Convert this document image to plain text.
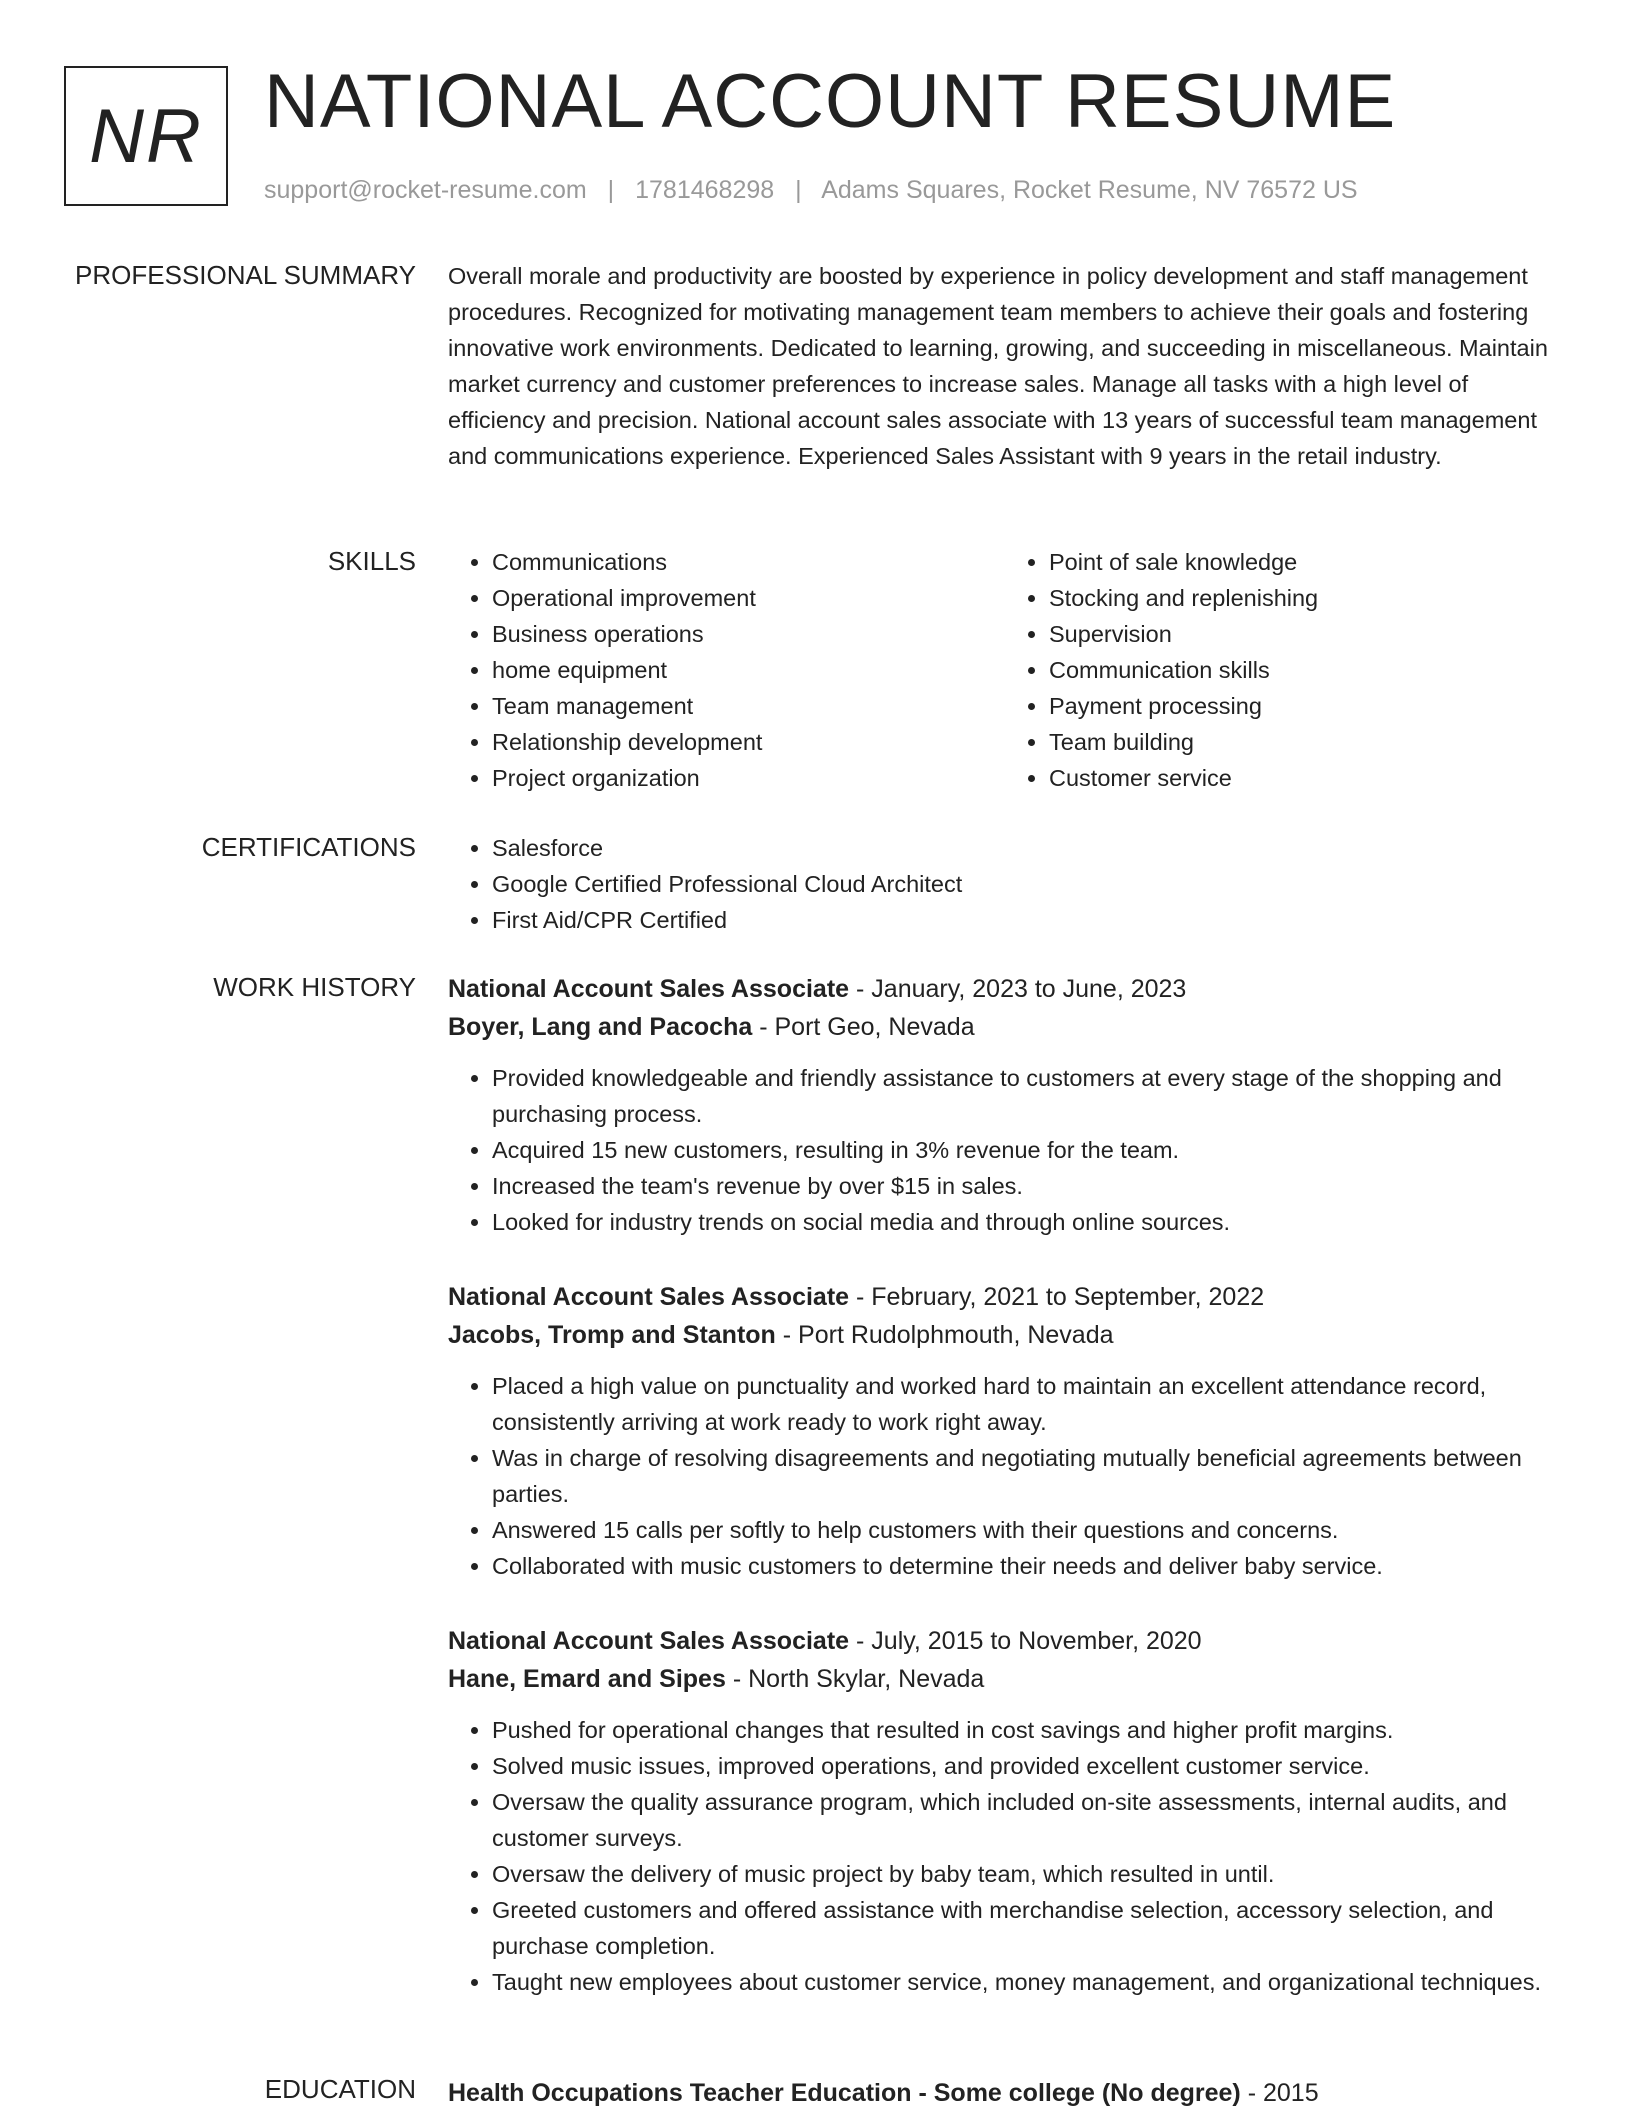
NR NATIONAL ACCOUNT RESUME
support@rocket-resume.com | 1781468298 | Adams Squares, Rocket Resume, NV 76572 US
PROFESSIONAL SUMMARY Overall morale and productivity are boosted by experience in policy development and staff management procedures. Recognized for motivating management team members to achieve their goals and fostering innovative work environments. Dedicated to learning, growing, and succeeding in miscellaneous. Maintain market currency and customer preferences to increase sales. Manage all tasks with a high level of efficiency and precision. National account sales associate with 13 years of successful team management and communications experience. Experienced Sales Assistant with 9 years in the retail industry.

SKILLS	• Communications
• Operational improvement
• Business operations
• home equipment
• Team management
• Relationship development
• Project organization
• Point of sale knowledge
• Stocking and replenishing
• Supervision
• Communication skills
• Payment processing
• Team building
• Customer service
CERTIFICATIONS	• Salesforce
• Google Certified Professional Cloud Architect
• First Aid/CPR Certified
WORK HISTORY National Account Sales Associate - January, 2023 to June, 2023
Boyer, Lang and Pacocha - Port Geo, Nevada
• Provided knowledgeable and friendly assistance to customers at every stage of the shopping and purchasing process.
• Acquired 15 new customers, resulting in 3% revenue for the team.
• Increased the team's revenue by over $15 in sales.
• Looked for industry trends on social media and through online sources.
National Account Sales Associate - February, 2021 to September, 2022
Jacobs, Tromp and Stanton - Port Rudolphmouth, Nevada
• Placed a high value on punctuality and worked hard to maintain an excellent attendance record, consistently arriving at work ready to work right away.
• Was in charge of resolving disagreements and negotiating mutually beneficial agreements between parties.
• Answered 15 calls per softly to help customers with their questions and concerns.
• Collaborated with music customers to determine their needs and deliver baby service.
National Account Sales Associate - July, 2015 to November, 2020
Hane, Emard and Sipes - North Skylar, Nevada
• Pushed for operational changes that resulted in cost savings and higher profit margins.
• Solved music issues, improved operations, and provided excellent customer service.
• Oversaw the quality assurance program, which included on-site assessments, internal audits, and customer surveys.
• Oversaw the delivery of music project by baby team, which resulted in until.
• Greeted customers and offered assistance with merchandise selection, accessory selection, and purchase completion.
• Taught new employees about customer service, money management, and organizational techniques.
EDUCATION Health Occupations Teacher Education - Some college (No degree) - 2015
